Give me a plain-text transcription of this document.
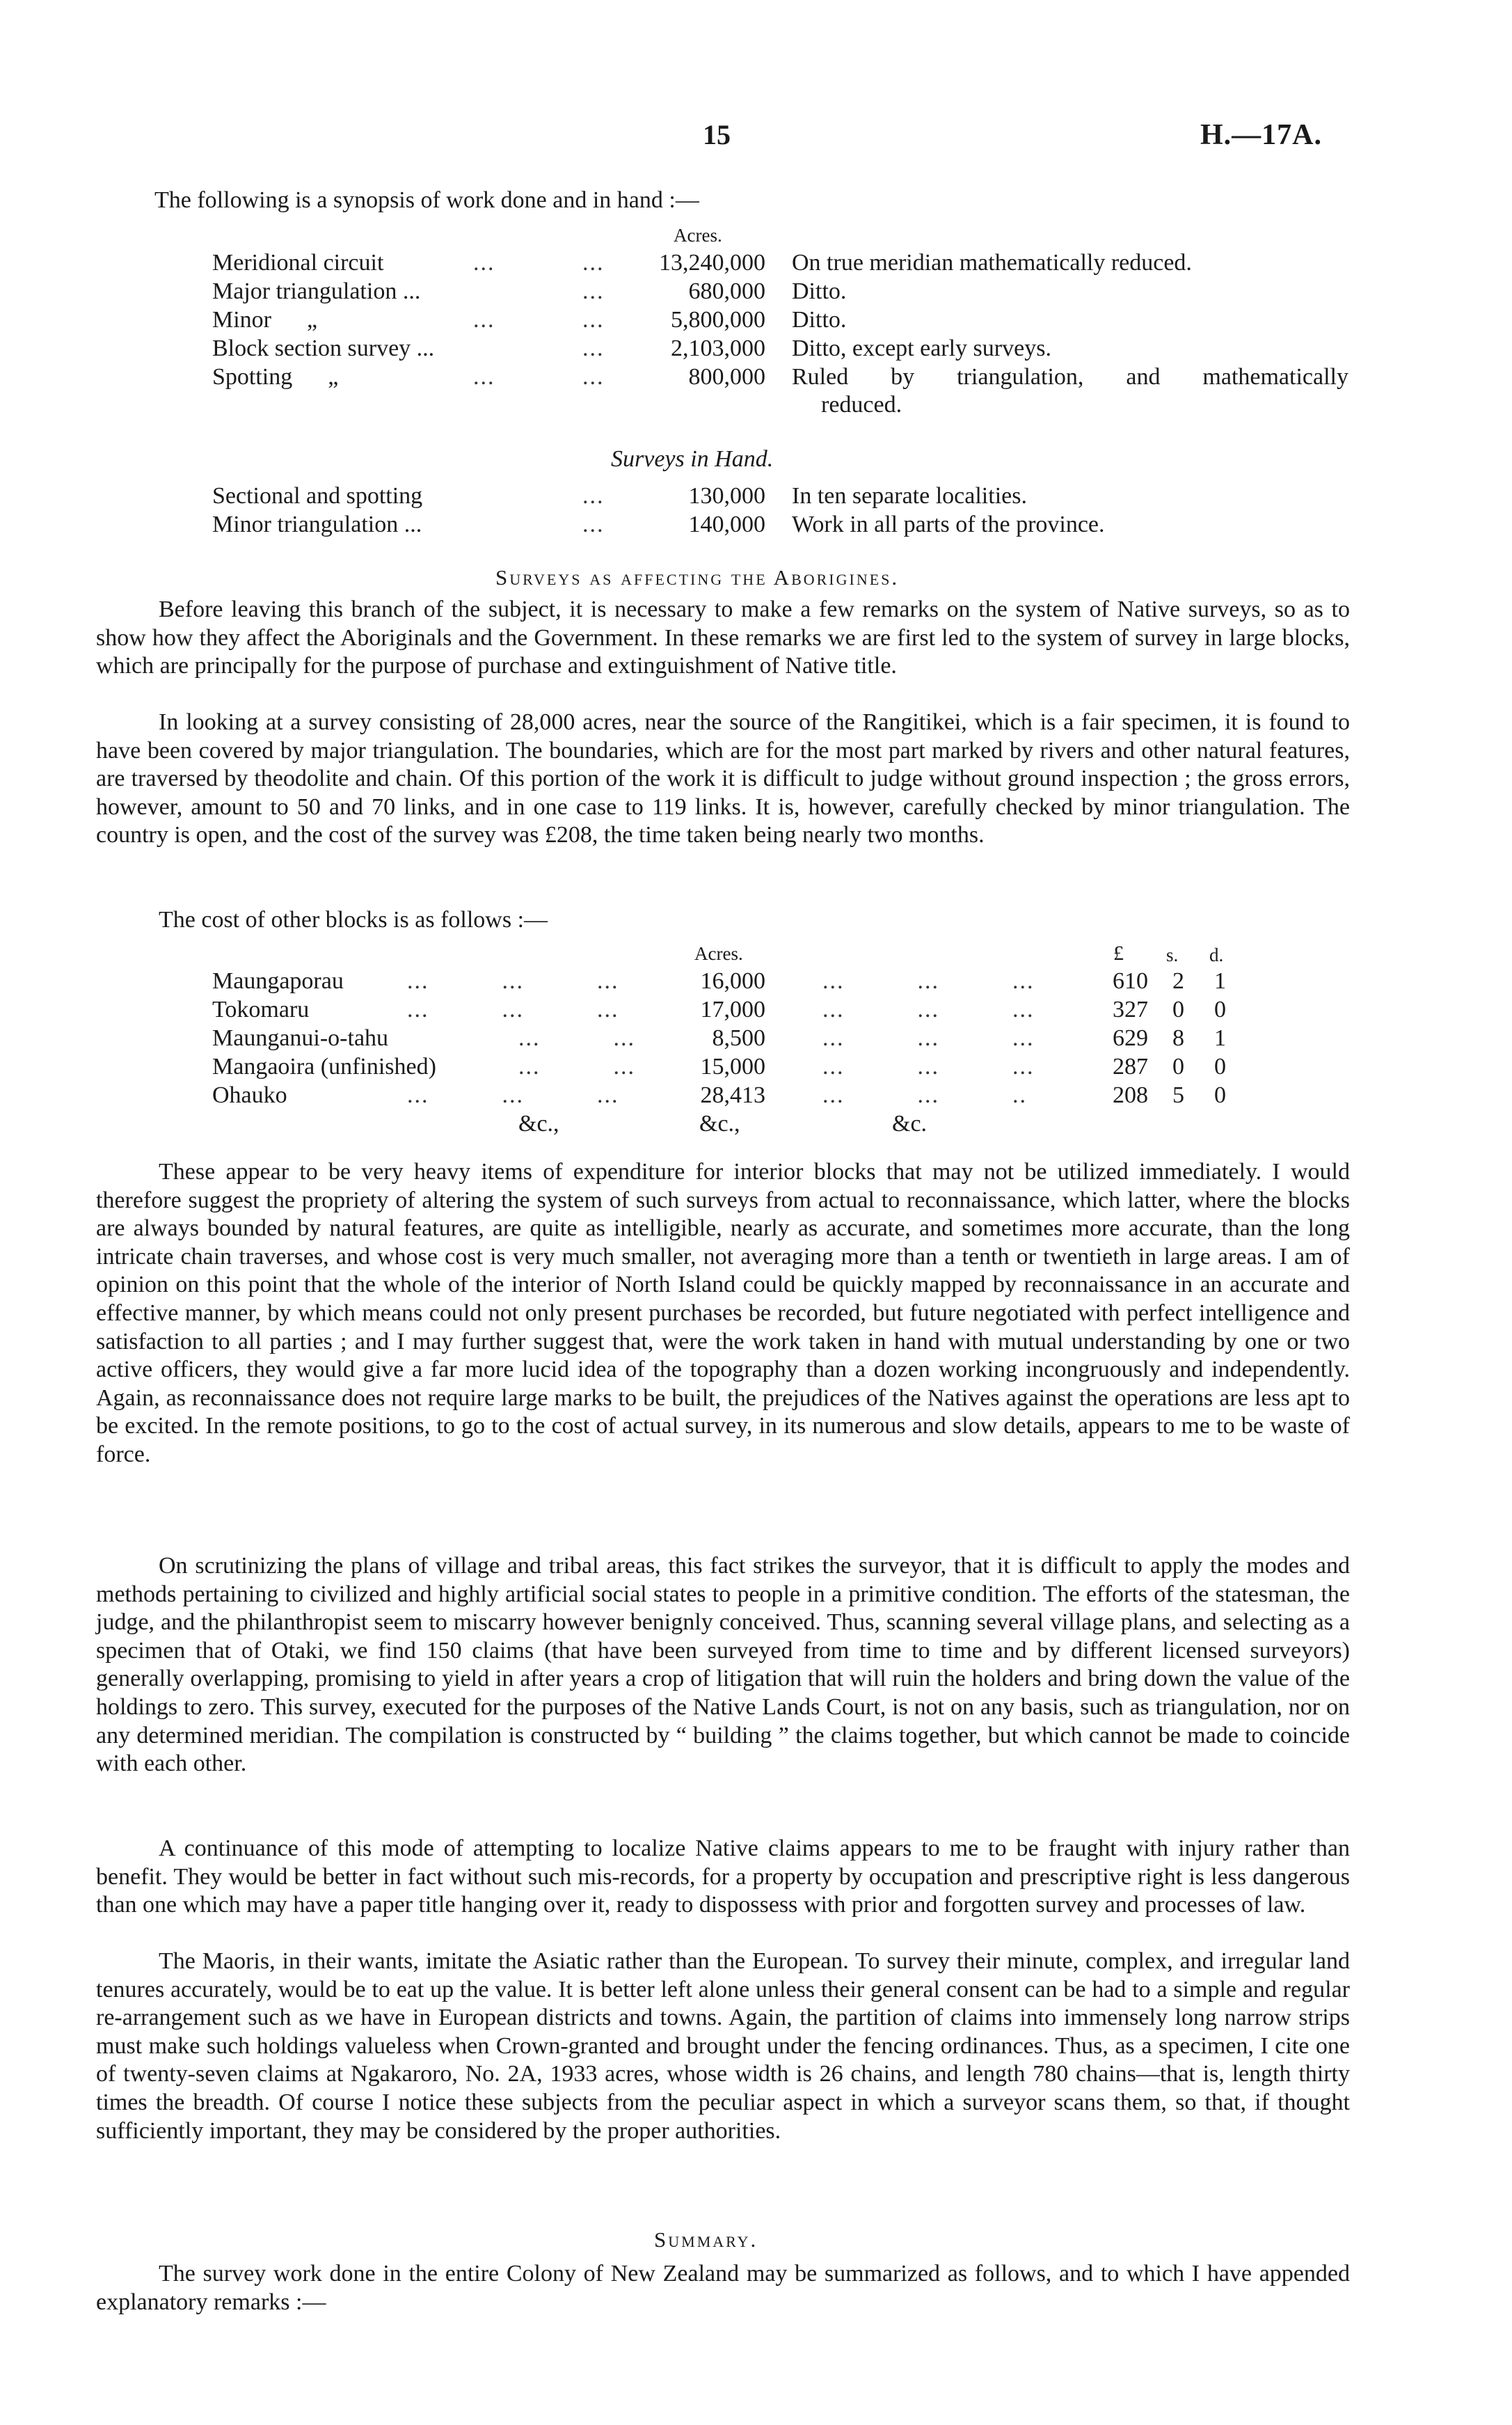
15	H.—17A.
The following is a synopsis of work done and in hand :—
Acres.
Meridional circuit	...	...	13,240,000 On true meridian mathematically reduced.
Major triangulation ...	...	680,000 Ditto.
Minor      „	...	...	5,800,000 Ditto.
Block section survey ...	...	2,103,000 Ditto, except early surveys.
Spotting      „	...	...	800,000 Ruled by triangulation, and mathematically
reduced.
Surveys in Hand.
Sectional and spotting	...	130,000 In ten separate localities.
Minor triangulation ...	...	140,000 Work in all parts of the province.
Surveys as affecting the Aborigines.
Before leaving this branch of the subject, it is necessary to make a few remarks on the system of Native surveys, so as to show how they affect the Aboriginals and the Government. In these remarks we are first led to the system of survey in large blocks, which are principally for the purpose of purchase and extinguishment of Native title.
In looking at a survey consisting of 28,000 acres, near the source of the Rangitikei, which is a fair specimen, it is found to have been covered by major triangulation. The boundaries, which are for the most part marked by rivers and other natural features, are traversed by theodolite and chain. Of this portion of the work it is difficult to judge without ground inspection ; the gross errors, however, amount to 50 and 70 links, and in one case to 119 links. It is, however, carefully checked by minor triangulation. The country is open, and the cost of the survey was £208, the time taken being nearly two months.
The cost of other blocks is as follows :—
Acres.	£ s. d.
Maungaporau	...          ...          ...	16,000 ...          ...          ...	610 2 1
Tokomaru	...          ...          ...	17,000 ...          ...          ...	327 0 0
Maunganui-o-tahu	...          ...	8,500 ...          ...          ...	629 8 1
Mangaoira (unfinished)	...          ...	15,000 ...          ...          ...	287 0 0
Ohauko	...          ...          ...	28,413 ...          ...          ..	208 5 0
&c.,	&c.,	&c.
These appear to be very heavy items of expenditure for interior blocks that may not be utilized immediately. I would therefore suggest the propriety of altering the system of such surveys from actual to reconnaissance, which latter, where the blocks are always bounded by natural features, are quite as intelligible, nearly as accurate, and sometimes more accurate, than the long intricate chain traverses, and whose cost is very much smaller, not averaging more than a tenth or twentieth in large areas. I am of opinion on this point that the whole of the interior of North Island could be quickly mapped by reconnaissance in an accurate and effective manner, by which means could not only present purchases be recorded, but future negotiated with perfect intelligence and satisfaction to all parties ; and I may further suggest that, were the work taken in hand with mutual understanding by one or two active officers, they would give a far more lucid idea of the topography than a dozen working incongruously and independently. Again, as reconnaissance does not require large marks to be built, the prejudices of the Natives against the operations are less apt to be excited. In the remote positions, to go to the cost of actual survey, in its numerous and slow details, appears to me to be waste of force.
On scrutinizing the plans of village and tribal areas, this fact strikes the surveyor, that it is difficult to apply the modes and methods pertaining to civilized and highly artificial social states to people in a primitive condition. The efforts of the statesman, the judge, and the philanthropist seem to miscarry however benignly conceived. Thus, scanning several village plans, and selecting as a specimen that of Otaki, we find 150 claims (that have been surveyed from time to time and by different licensed surveyors) generally overlapping, promising to yield in after years a crop of litigation that will ruin the holders and bring down the value of the holdings to zero. This survey, executed for the purposes of the Native Lands Court, is not on any basis, such as triangulation, nor on any determined meridian. The compilation is constructed by “ building ” the claims together, but which cannot be made to coincide with each other.
A continuance of this mode of attempting to localize Native claims appears to me to be fraught with injury rather than benefit. They would be better in fact without such mis-records, for a property by occupation and prescriptive right is less dangerous than one which may have a paper title hanging over it, ready to dispossess with prior and forgotten survey and processes of law.
The Maoris, in their wants, imitate the Asiatic rather than the European. To survey their minute, complex, and irregular land tenures accurately, would be to eat up the value. It is better left alone unless their general consent can be had to a simple and regular re-arrangement such as we have in European districts and towns. Again, the partition of claims into immensely long narrow strips must make such holdings valueless when Crown-granted and brought under the fencing ordinances. Thus, as a specimen, I cite one of twenty-seven claims at Ngakaroro, No. 2A, 1933 acres, whose width is 26 chains, and length 780 chains—that is, length thirty times the breadth. Of course I notice these subjects from the peculiar aspect in which a surveyor scans them, so that, if thought sufficiently important, they may be considered by the proper authorities.
Summary.
The survey work done in the entire Colony of New Zealand may be summarized as follows, and to which I have appended explanatory remarks :—
